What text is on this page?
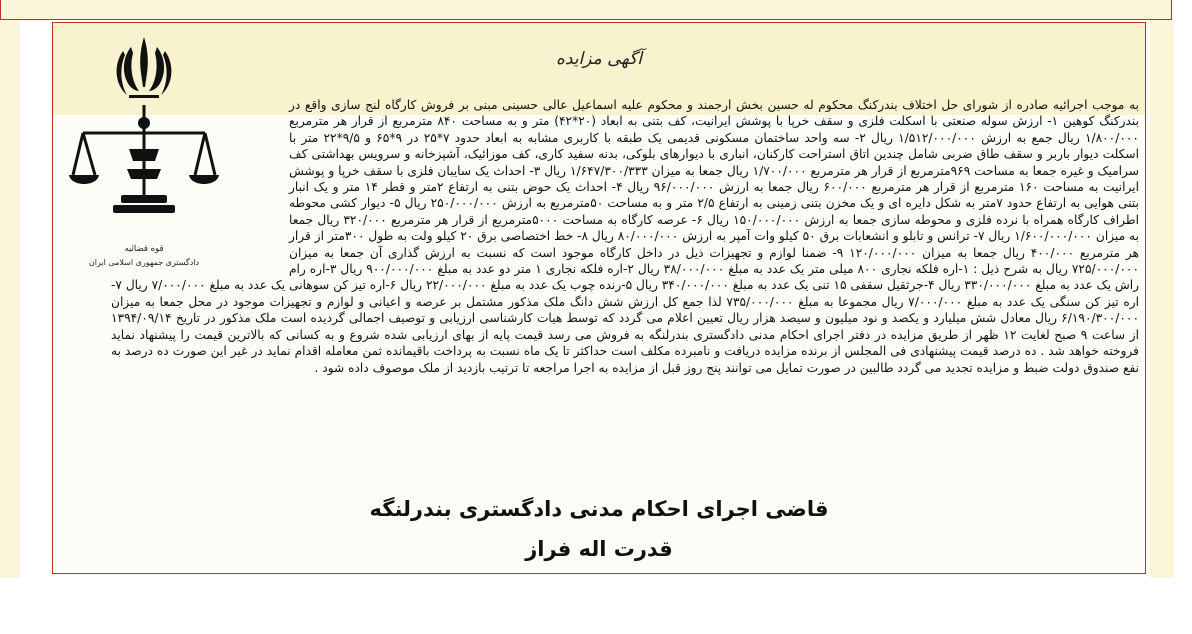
آگهی مزایده
قوه قضائیه
دادگستری جمهوری اسلامی ایران
به موجب اجرائیه صادره از شورای حل اختلاف بندرکنگ محکوم له حسین بخش ارجمند و محکوم علیه اسماعیل عالی حسینی مبنی بر فروش کارگاه لنج سازی واقع در بندرکنگ کوهین ۱- ارزش سوله صنعتی با اسکلت فلزی و سقف خرپا با پوشش ایرانیت، کف بتنی به ابعاد (۲۰*۴۲) متر و به مساحت ۸۴۰ مترمربع از قرار هر مترمربع ۱/۸۰۰/۰۰۰ ریال جمع به ارزش ۱/۵۱۲/۰۰۰/۰۰۰ ریال ۲- سه واحد ساختمان مسکونی قدیمی یک طبقه با کاربری مشابه به ابعاد حدود ۷*۲۵ در ۹*۶۵ و ۹/۵*۲۲ متر با اسکلت دیوار باربر و سقف طاق ضربی شامل چندین اتاق استراحت کارکنان، انباری با دیوارهای بلوکی، بدنه سفید کاری، کف موزائیک، آشپزخانه و سرویس بهداشتی کف سرامیک و غیره جمعا به مساحت ۹۶۹مترمربع از قرار هر مترمربع ۱/۷۰۰/۰۰۰ ریال جمعا به میزان ۱/۶۴۷/۳۰۰/۳۳۳ ریال ۳- احداث یک سایبان فلزی با سقف خرپا و پوشش ایرانیت به مساحت ۱۶۰ مترمربع از قرار هر مترمربع ۶۰۰/۰۰۰ ریال جمعا به ارزش ۹۶/۰۰۰/۰۰۰ ریال ۴- احداث یک حوض بتنی به ارتفاع ۲متر و قطر ۱۴ متر و یک انبار بتنی هوایی به ارتفاع حدود ۷متر به شکل دایره ای و یک مخزن بتنی زمینی به ارتفاع ۲/۵ متر و به مساحت ۵۰مترمربع به ارزش ۲۵۰/۰۰۰/۰۰۰ ریال ۵- دیوار کشی محوطه اطراف کارگاه همراه با نرده فلزی و محوطه سازی جمعا به ارزش ۱۵۰/۰۰۰/۰۰۰ ریال ۶- عرصه کارگاه به مساحت ۵۰۰۰مترمربع از قرار هر مترمربع ۳۲۰/۰۰۰ ریال جمعا به میزان ۱/۶۰۰/۰۰۰/۰۰۰ ریال ۷- ترانس و تابلو و انشعابات برق ۵۰ کیلو وات آمپر به ارزش ۸۰/۰۰۰/۰۰۰ ریال ۸- خط اختصاصی برق ۲۰ کیلو ولت به طول ۳۰۰متر از قرار هر مترمربع ۴۰۰/۰۰۰ ریال جمعا به میزان ۱۲۰/۰۰۰/۰۰۰ ۹- ضمنا لوازم و تجهیزات ذیل در داخل کارگاه موجود است که نسبت به ارزش گذاری آن جمعا به میزان ۷۲۵/۰۰۰/۰۰۰ ریال به شرح ذیل : ۱-اره فلکه نجاری ۸۰۰ میلی متر یک عدد به مبلغ ۳۸/۰۰۰/۰۰۰ ریال ۲-اره فلکه نجاری ۱ متر دو عدد به مبلغ ۹۰۰/۰۰۰/۰۰۰ ریال ۳-اره رام راش یک عدد به مبلغ ۳۳۰/۰۰۰/۰۰۰ ریال ۴-جرثقیل سقفی ۱۵ تنی یک عدد به مبلغ ۳۴۰/۰۰۰/۰۰۰ ریال ۵-رنده چوب یک عدد به مبلغ ۲۲/۰۰۰/۰۰۰ ریال ۶-اره تیز کن سوهانی یک عدد به مبلغ ۷/۰۰۰/۰۰۰ ریال ۷-اره تیز کن سنگی یک عدد به مبلغ ۷/۰۰۰/۰۰۰ ریال مجموعا به مبلغ ۷۳۵/۰۰۰/۰۰۰ لذا جمع کل ارزش شش دانگ ملک مذکور مشتمل بر عرصه و اعیانی و لوازم و تجهیزات موجود در محل جمعا به میزان ۶/۱۹۰/۳۰۰/۰۰۰ ریال معادل شش میلیارد و یکصد و نود میلیون و سیصد هزار ریال تعیین اعلام می گردد که توسط هیات کارشناسی ارزیابی و توصیف اجمالی گردیده است ملک مذکور در تاریخ ۱۳۹۴/۰۹/۱۴ از ساعت ۹ صبح لغایت ۱۲ ظهر از طریق مزایده در دفتر اجرای احکام مدنی دادگستری بندرلنگه به فروش می رسد قیمت پایه از بهای ارزیابی شده شروع و به کسانی که بالاترین قیمت را پیشنهاد نماید فروخته خواهد شد . ده درصد قیمت پیشنهادی فی المجلس از برنده مزایده دریافت و نامبرده مکلف است حداکثر تا یک ماه نسبت به پرداخت باقیمانده ثمن معامله اقدام نماید در غیر این صورت ده درصد به نفع صندوق دولت ضبط و مزایده تجدید می گردد طالبین در صورت تمایل می توانند پنج روز قبل از مزایده به اجرا مراجعه تا ترتیب بازدید از ملک موصوف داده شود .
قاضی اجرای احکام مدنی دادگستری بندرلنگه
قدرت اله فراز
